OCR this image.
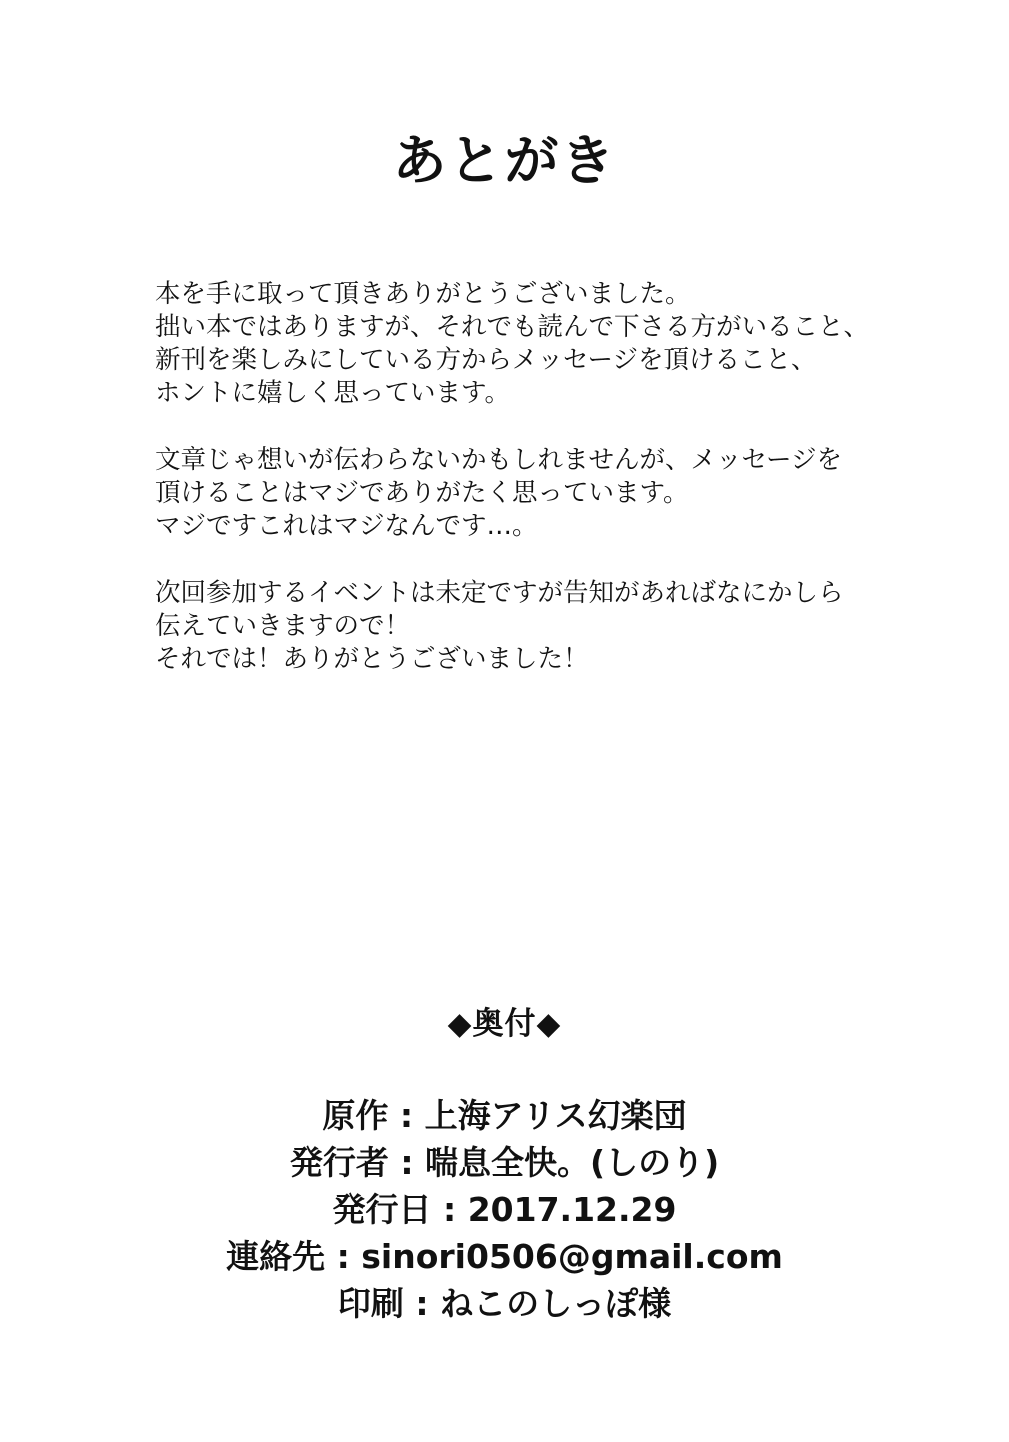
あとがき
本を手に取って頂きありがとうございました。
拙い本ではありますが、それでも読んで下さる方がいること、
新刊を楽しみにしている方からメッセージを頂けること、
ホントに嬉しく思っています。
文章じゃ想いが伝わらないかもしれませんが、メッセージを
頂けることはマジでありがたく思っています。
マジですこれはマジなんです…。
次回参加するイベントは未定ですが告知があればなにかしら
伝えていきますので！
それでは！ありがとうございました！
◆奥付◆
原作 : 上海アリス幻楽団
発行者 : 喘息全快。(しのり)
発行日 : 2017.12.29
連絡先 : sinori0506@gmail.com
印刷 : ねこのしっぽ様
